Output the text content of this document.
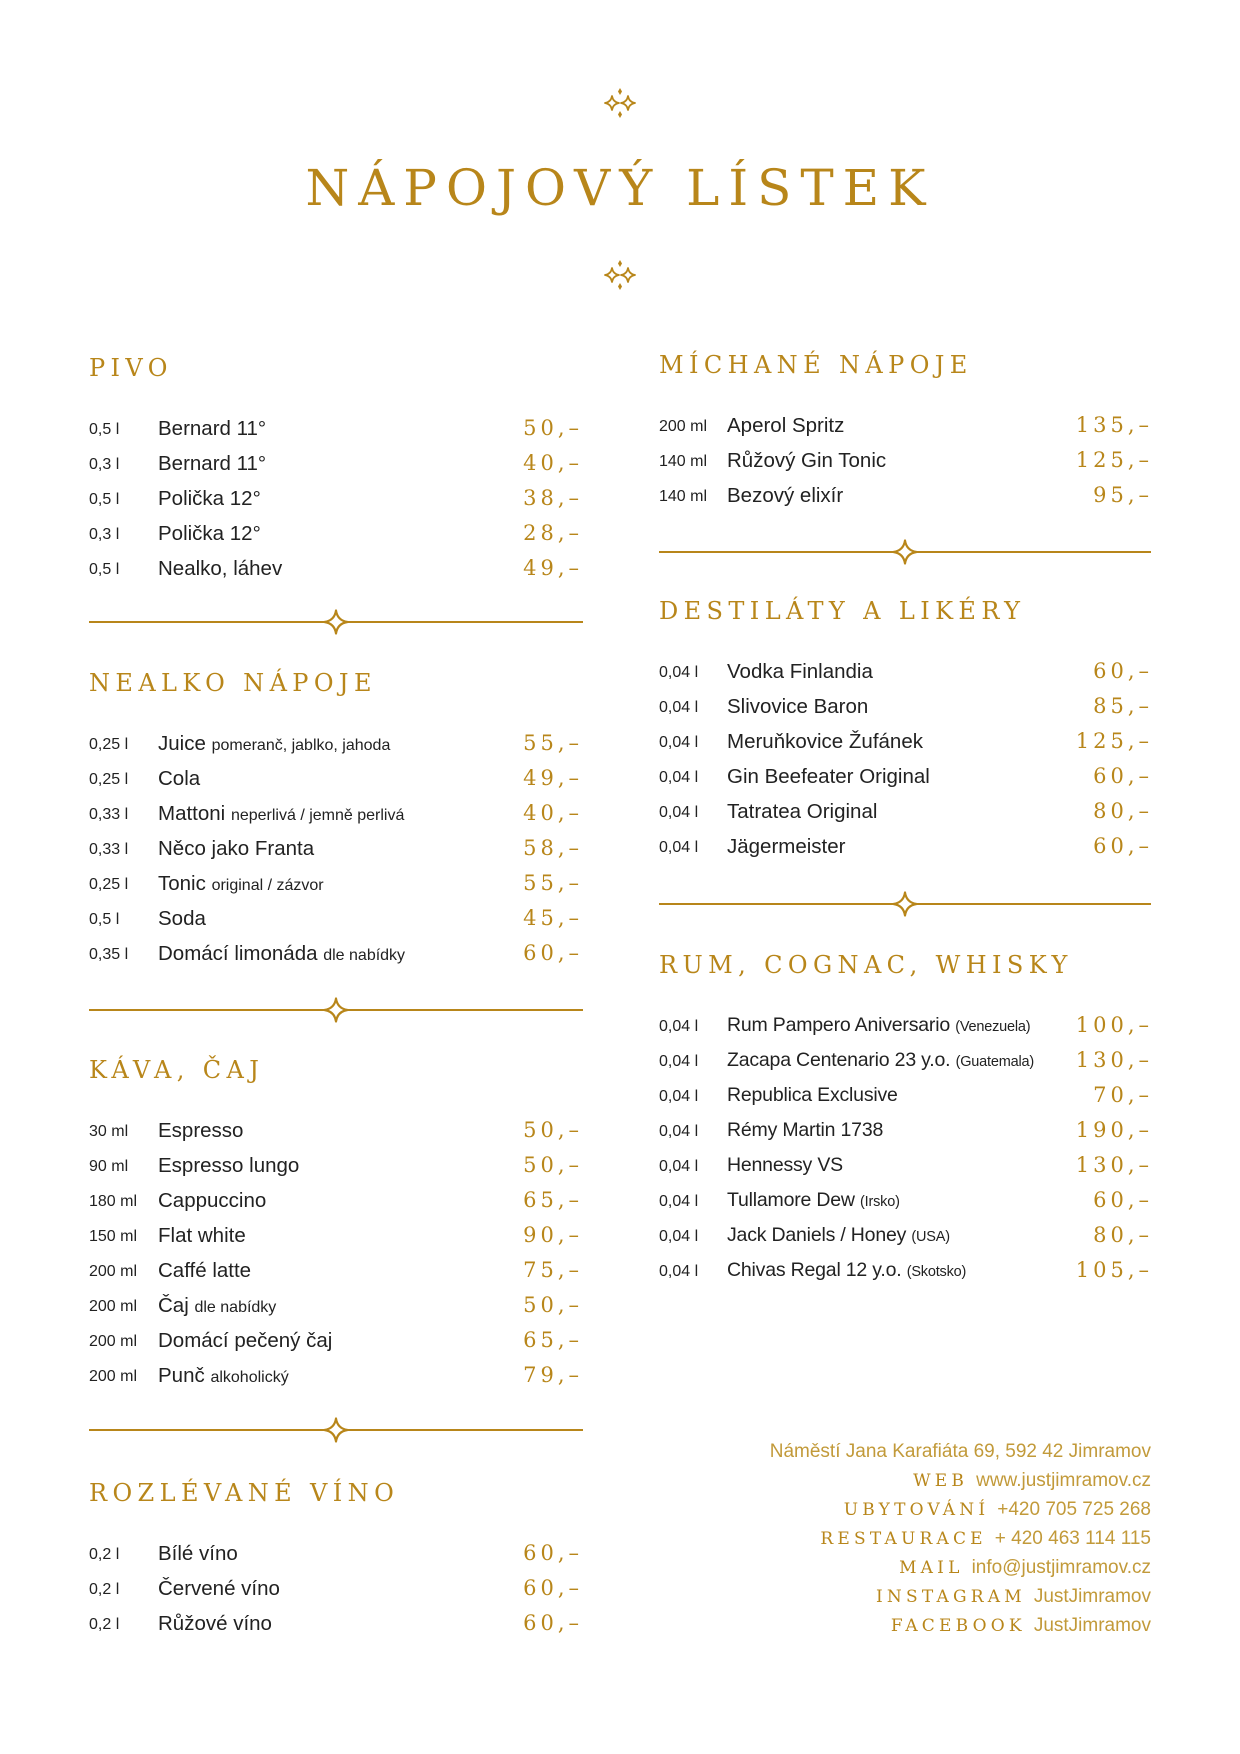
NÁPOJOVÝ LÍSTEK
PIVO
0,5 l Bernard 11°	50,–
0,3 l Bernard 11°	40,–
0,5 l Polička 12°	38,–
0,3 l Polička 12°	28,–
0,5 l Nealko, láhev	49,–
NEALKO NÁPOJE
0,25 l Juice pomeranč, jablko, jahoda	55,–
0,25 l Cola	49,–
0,33 l Mattoni neperlivá / jemně perlivá	40,–
0,33 l Něco jako Franta	58,–
0,25 l Tonic original / zázvor	55,–
0,5 l Soda	45,–
0,35 l Domácí limonáda dle nabídky	60,–
KÁVA, ČAJ
30 ml Espresso	50,–
90 ml Espresso lungo	50,–
180 ml Cappuccino	65,–
150 ml Flat white	90,–
200 ml Caffé latte	75,–
200 ml Čaj dle nabídky	50,–
200 ml Domácí pečený čaj	65,–
200 ml Punč alkoholický	79,–
ROZLÉVANÉ VÍNO
0,2 l Bílé víno	60,–
0,2 l Červené víno	60,–
0,2 l Růžové víno	60,–
MÍCHANÉ NÁPOJE
200 ml Aperol Spritz	135,–
140 ml Růžový Gin Tonic	125,–
140 ml Bezový elixír	95,–
DESTILÁTY A LIKÉRY
0,04 l Vodka Finlandia	60,–
0,04 l Slivovice Baron	85,–
0,04 l Meruňkovice Žufánek	125,–
0,04 l Gin Beefeater Original	60,–
0,04 l Tatratea Original	80,–
0,04 l Jägermeister	60,–
RUM, COGNAC, WHISKY
0,04 l Rum Pampero Aniversario (Venezuela) 100,–
0,04 l Zacapa Centenario 23 y.o. (Guatemala) 130,–
0,04 l Republica Exclusive	70,–
0,04 l Rémy Martin 1738	190,–
0,04 l Hennessy VS	130,–
0,04 l Tullamore Dew (Irsko)	60,–
0,04 l Jack Daniels / Honey (USA)	80,–
0,04 l Chivas Regal 12 y.o. (Skotsko)	105,–
Náměstí Jana Karafiáta 69, 592 42 Jimramov
WEB www.justjimramov.cz
UBYTOVÁNÍ +420 705 725 268
RESTAURACE + 420 463 114 115
MAIL info@justjimramov.cz
INSTAGRAM JustJimramov
FACEBOOK JustJimramov
